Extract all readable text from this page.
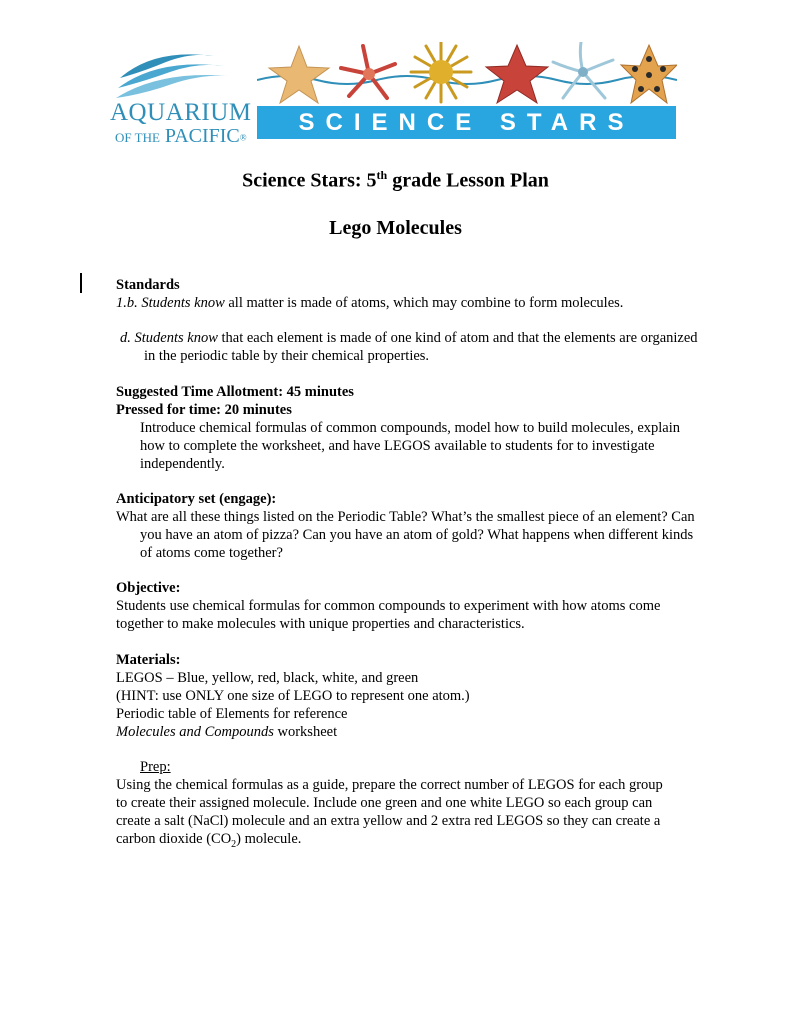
AQUARIUM
OF THE PACIFIC®
SCIENCE STARS
Science Stars: 5th grade Lesson Plan
Lego Molecules
Standards
1.b. Students know all matter is made of atoms, which may combine to form molecules.
d. Students know that each element is made of one kind of atom and that the elements are organized in the periodic table by their chemical properties.
Suggested Time Allotment: 45 minutes
Pressed for time: 20 minutes
Introduce chemical formulas of common compounds, model how to build molecules, explain how to complete the worksheet, and have LEGOS available to students for to investigate independently.
Anticipatory set (engage):
What are all these things listed on the Periodic Table? What’s the smallest piece of an element? Can you have an atom of pizza? Can you have an atom of gold? What happens when different kinds of atoms come together?
Objective:
Students use chemical formulas for common compounds to experiment with how atoms come together to make molecules with unique properties and characteristics.
Materials:
LEGOS – Blue, yellow, red, black, white, and green
(HINT: use ONLY one size of LEGO to represent one atom.)
Periodic table of Elements for reference
Molecules and Compounds worksheet
Prep:
Using the chemical formulas as a guide, prepare the correct number of LEGOS for each group to create their assigned molecule. Include one green and one white LEGO so each group can create a salt (NaCl) molecule and an extra yellow and 2 extra red LEGOS so they can create a carbon dioxide $(CO_2)$ molecule.
